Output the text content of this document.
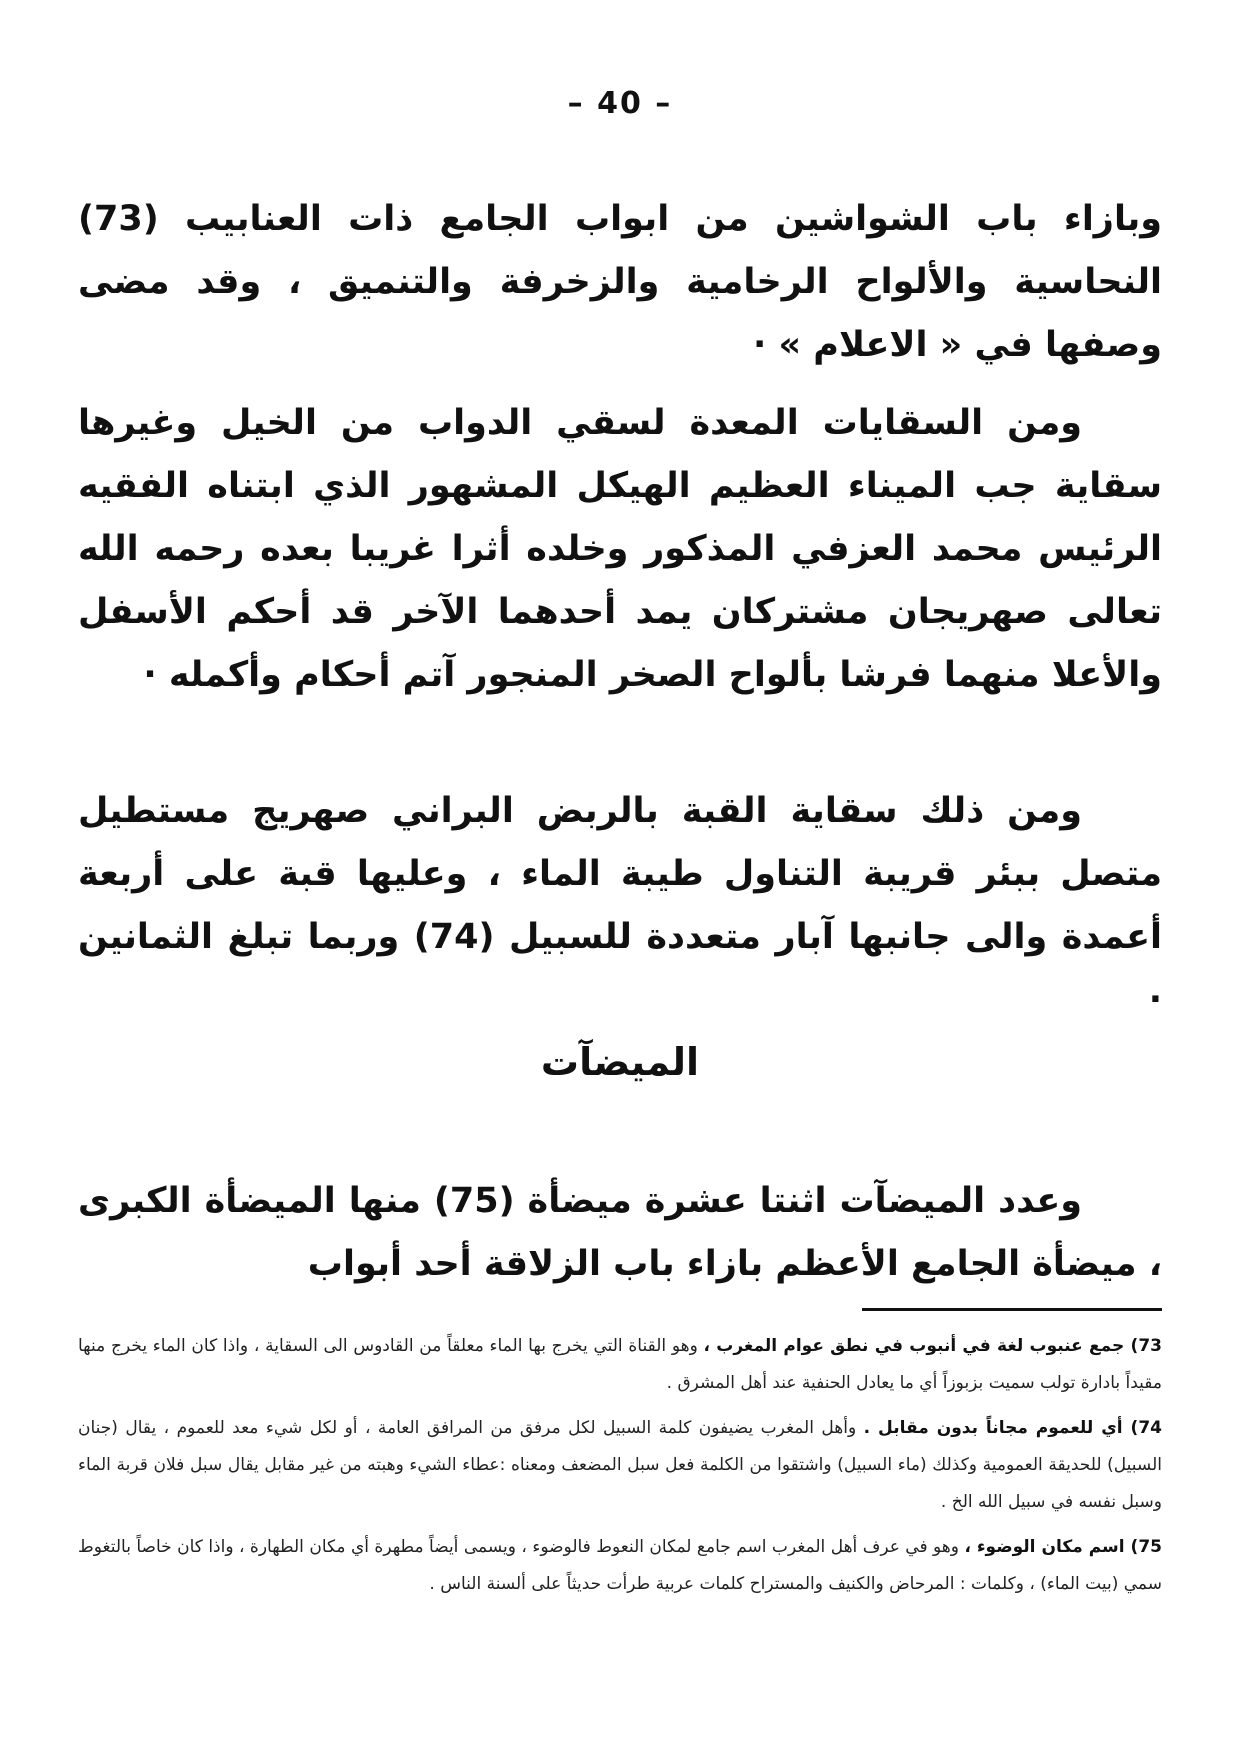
– 40 –

وبازاء باب الشواشين من ابواب الجامع ذات العنابيب (73) النحاسية والألواح الرخامية والزخرفة والتنميق ، وقد مضى وصفها في « الاعلام » ·

ومن السقايات المعدة لسقي الدواب من الخيل وغيرها سقاية جب الميناء العظيم الهيكل المشهور الذي ابتناه الفقيه الرئيس محمد العزفي المذكور وخلده أثرا غريبا بعده رحمه الله تعالى صهريجان مشتركان يمد أحدهما الآخر قد أحكم الأسفل والأعلا منهما فرشا بألواح الصخر المنجور آتم أحكام وأكمله ·

ومن ذلك سقاية القبة بالربض البراني صهريج مستطيل متصل ببئر قريبة التناول طيبة الماء ، وعليها قبة على أربعة أعمدة والى جانبها آبار متعددة للسبيل (74) وربما تبلغ الثمانين ·

الميضآت

وعدد الميضآت اثنتا عشرة ميضأة (75) منها الميضأة الكبرى ، ميضأة الجامع الأعظم بازاء باب الزلاقة أحد أبواب

73) جمع عنبوب لغة في أنبوب في نطق عوام المغرب ، وهو القناة التي يخرج بها الماء معلقاً من القادوس الى السقاية ، واذا كان الماء يخرج منها مقيداً بادارة تولب سميت بزبوزاً أي ما يعادل الحنفية عند أهل المشرق .

74) أي للعموم مجاناً بدون مقابل . وأهل المغرب يضيفون كلمة السبيل لكل مرفق من المرافق العامة ، أو لكل شيء معد للعموم ، يقال (جنان السبيل) للحديقة العمومية وكذلك (ماء السبيل) واشتقوا من الكلمة فعل سبل المضعف ومعناه :عطاء الشيء وهبته من غير مقابل يقال سبل فلان قربة الماء وسبل نفسه في سبيل الله الخ .

75) اسم مكان الوضوء ، وهو في عرف أهل المغرب اسم جامع لمكان النعوط فالوضوء ، ويسمى أيضاً مطهرة أي مكان الطهارة ، واذا كان خاصاً بالتغوط سمي (بيت الماء) ، وكلمات : المرحاض والكنيف والمستراح كلمات عربية طرأت حديثاً على ألسنة الناس .
